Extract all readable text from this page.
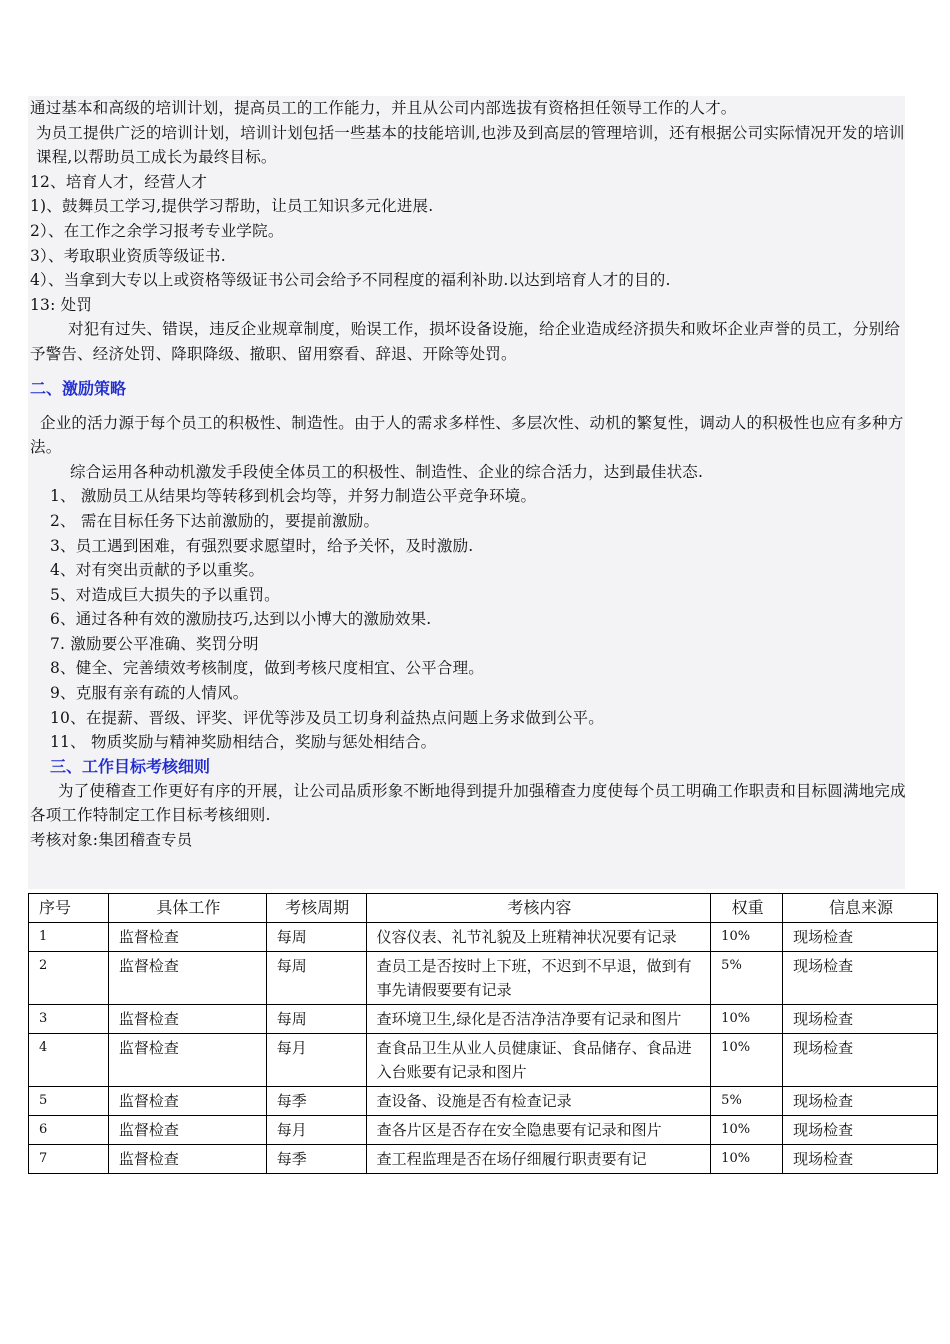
通过基本和高级的培训计划，提高员工的工作能力，并且从公司内部选拔有资格担任领导工作的人才。
为员工提供广泛的培训计划，培训计划包括一些基本的技能培训,也涉及到高层的管理培训，还有根据公司实际情况开发的培训课程,以帮助员工成长为最终目标。
12、培育人才，经营人才
1)、鼓舞员工学习,提供学习帮助，让员工知识多元化进展.
2）、在工作之余学习报考专业学院。
3）、考取职业资质等级证书.
4）、当拿到大专以上或资格等级证书公司会给予不同程度的福利补助.以达到培育人才的目的.
13: 处罚
对犯有过失、错误，违反企业规章制度，贻误工作，损坏设备设施，给企业造成经济损失和败坏企业声誉的员工，分别给予警告、经济处罚、降职降级、撤职、留用察看、辞退、开除等处罚。
二、激励策略
企业的活力源于每个员工的积极性、制造性。由于人的需求多样性、多层次性、动机的繁复性，调动人的积极性也应有多种方法。
综合运用各种动机激发手段使全体员工的积极性、制造性、企业的综合活力，达到最佳状态.
1、 激励员工从结果均等转移到机会均等，并努力制造公平竞争环境。
2、 需在目标任务下达前激励的，要提前激励。
3、员工遇到困难，有强烈要求愿望时，给予关怀，及时激励.
4、对有突出贡献的予以重奖。
5、对造成巨大损失的予以重罚。
6、通过各种有效的激励技巧,达到以小博大的激励效果.
7. 激励要公平准确、奖罚分明
8、健全、完善绩效考核制度，做到考核尺度相宜、公平合理。
9、克服有亲有疏的人情风。
10、在提薪、晋级、评奖、评优等涉及员工切身利益热点问题上务求做到公平。
11、 物质奖励与精神奖励相结合，奖励与惩处相结合。
三、工作目标考核细则
为了使稽查工作更好有序的开展，让公司品质形象不断地得到提升加强稽查力度使每个员工明确工作职责和目标圆满地完成各项工作特制定工作目标考核细则.
考核对象:集团稽查专员
序号	具体工作	考核周期	考核内容	权重	信息来源
1	监督检查	每周	仪容仪表、礼节礼貌及上班精神状况要有记录	10%	现场检查
2	监督检查	每周	查员工是否按时上下班，不迟到不早退，做到有事先请假要要有记录	5%	现场检查
3	监督检查	每周	查环境卫生,绿化是否洁净洁净要有记录和图片	10%	现场检查
4	监督检查	每月	查食品卫生从业人员健康证、食品储存、食品进入台账要有记录和图片	10%	现场检查
5	监督检查	每季	查设备、设施是否有检查记录	5%	现场检查
6	监督检查	每月	查各片区是否存在安全隐患要有记录和图片	10%	现场检查
7	监督检查	每季	查工程监理是否在场仔细履行职责要有记	10%	现场检查
